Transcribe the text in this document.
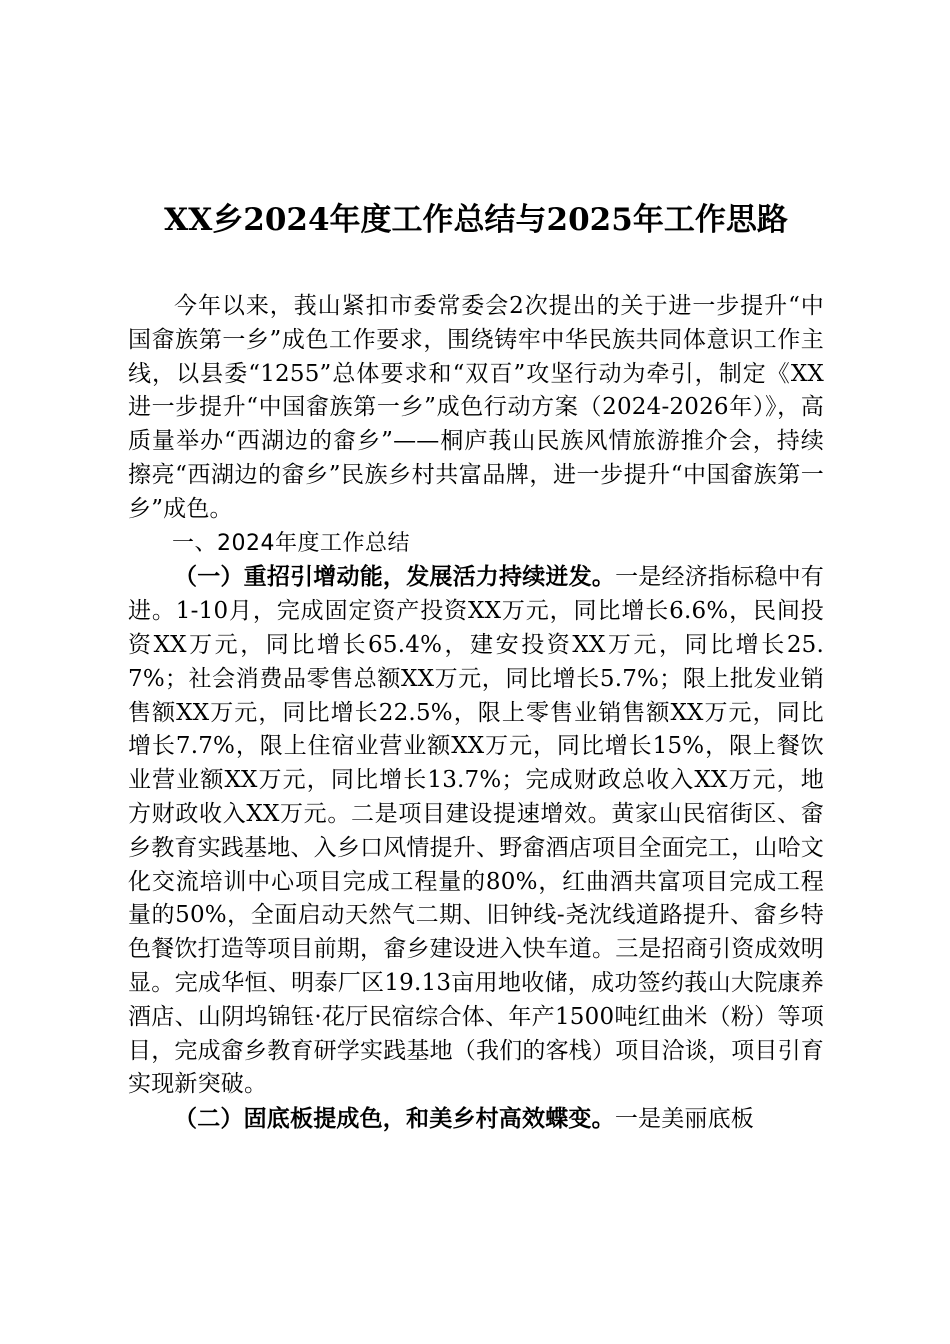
XX乡2024年度工作总结与2025年工作思路

今年以来，莪山紧扣市委常委会2次提出的关于进一步提升“中国畲族第一乡”成色工作要求，围绕铸牢中华民族共同体意识工作主线，以县委“1255”总体要求和“双百”攻坚行动为牵引，制定《XX进一步提升“中国畲族第一乡”成色行动方案（2024-2026年）》，高质量举办“西湖边的畲乡”——桐庐莪山民族风情旅游推介会，持续擦亮“西湖边的畲乡”民族乡村共富品牌，进一步提升“中国畲族第一乡”成色。

一、2024年度工作总结

（一）重招引增动能，发展活力持续迸发。一是经济指标稳中有进。1-10月，完成固定资产投资XX万元，同比增长6.6%，民间投资XX万元，同比增长65.4%，建安投资XX万元，同比增长25.7%；社会消费品零售总额XX万元，同比增长5.7%；限上批发业销售额XX万元，同比增长22.5%，限上零售业销售额XX万元，同比增长7.7%，限上住宿业营业额XX万元，同比增长15%，限上餐饮业营业额XX万元，同比增长13.7%；完成财政总收入XX万元，地方财政收入XX万元。二是项目建设提速增效。黄家山民宿街区、畲乡教育实践基地、入乡口风情提升、野畲酒店项目全面完工，山哈文化交流培训中心项目完成工程量的80%，红曲酒共富项目完成工程量的50%，全面启动天然气二期、旧钟线-尧沈线道路提升、畲乡特色餐饮打造等项目前期，畲乡建设进入快车道。三是招商引资成效明显。完成华恒、明泰厂区19.13亩用地收储，成功签约莪山大院康养酒店、山阴坞锦钰·花厅民宿综合体、年产1500吨红曲米（粉）等项目，完成畲乡教育研学实践基地（我们的客栈）项目洽谈，项目引育实现新突破。

（二）固底板提成色，和美乡村高效蝶变。一是美丽底板
